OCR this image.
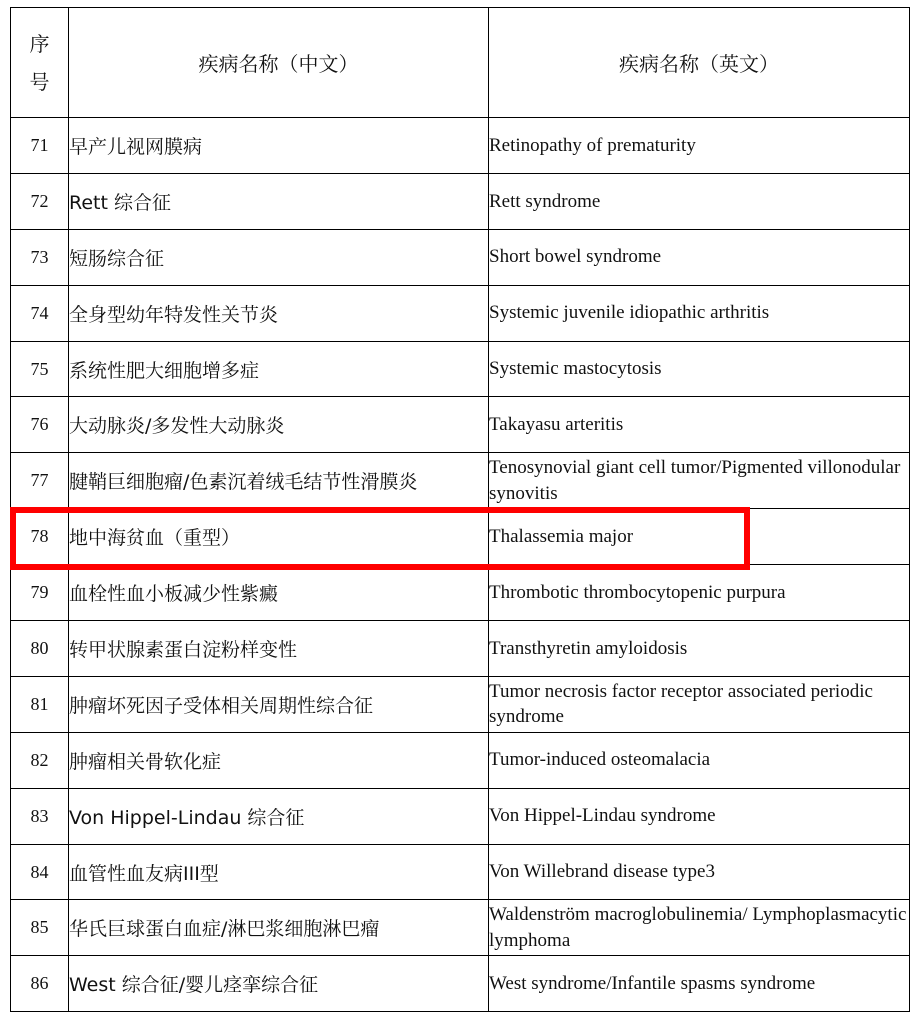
序
号	疾病名称（中文）	疾病名称（英文）
71	早产儿视网膜病	Retinopathy of prematurity
72	Rett 综合征	Rett syndrome
73	短肠综合征	Short bowel syndrome
74	全身型幼年特发性关节炎	Systemic juvenile idiopathic arthritis
75	系统性肥大细胞增多症	Systemic mastocytosis
76	大动脉炎/多发性大动脉炎	Takayasu arteritis
77	腱鞘巨细胞瘤/色素沉着绒毛结节性滑膜炎	Tenosynovial giant cell tumor/Pigmented villonodular synovitis
78	地中海贫血（重型）	Thalassemia major
79	血栓性血小板减少性紫癜	Thrombotic thrombocytopenic purpura
80	转甲状腺素蛋白淀粉样变性	Transthyretin amyloidosis
81	肿瘤坏死因子受体相关周期性综合征	Tumor necrosis factor receptor associated periodic syndrome
82	肿瘤相关骨软化症	Tumor-induced osteomalacia
83	Von Hippel-Lindau 综合征	Von Hippel-Lindau syndrome
84	血管性血友病III型	Von Willebrand disease type3
85	华氏巨球蛋白血症/淋巴浆细胞淋巴瘤	Waldenström macroglobulinemia/ Lymphoplasmacytic lymphoma
86	West 综合征/婴儿痉挛综合征	West syndrome/Infantile spasms syndrome
